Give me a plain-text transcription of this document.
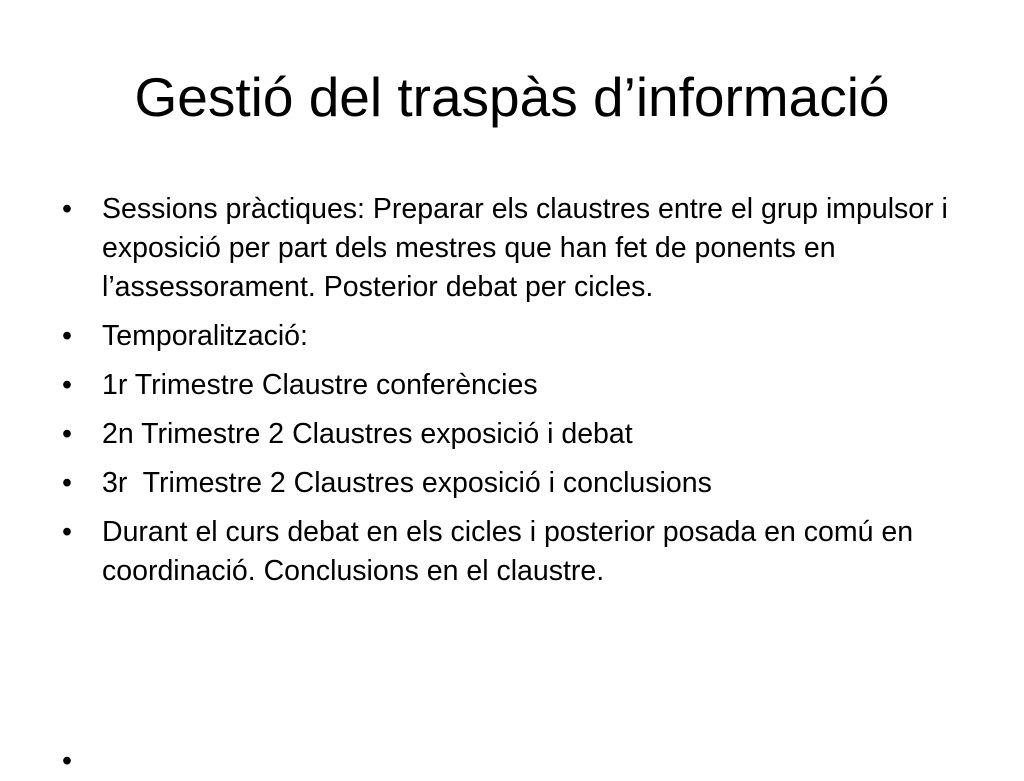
Gestió del traspàs d’informació
•	Sessions pràctiques: Preparar els claustres entre el grup impulsor i exposició per part dels mestres que han fet de ponents en l’assessorament. Posterior debat per cicles.
•	Temporalització:
•	1r Trimestre Claustre conferències
•	2n Trimestre 2 Claustres exposició i debat
•	3r  Trimestre 2 Claustres exposició i conclusions
•	Durant el curs debat en els cicles i posterior posada en comú en coordinació. Conclusions en el claustre.
•
